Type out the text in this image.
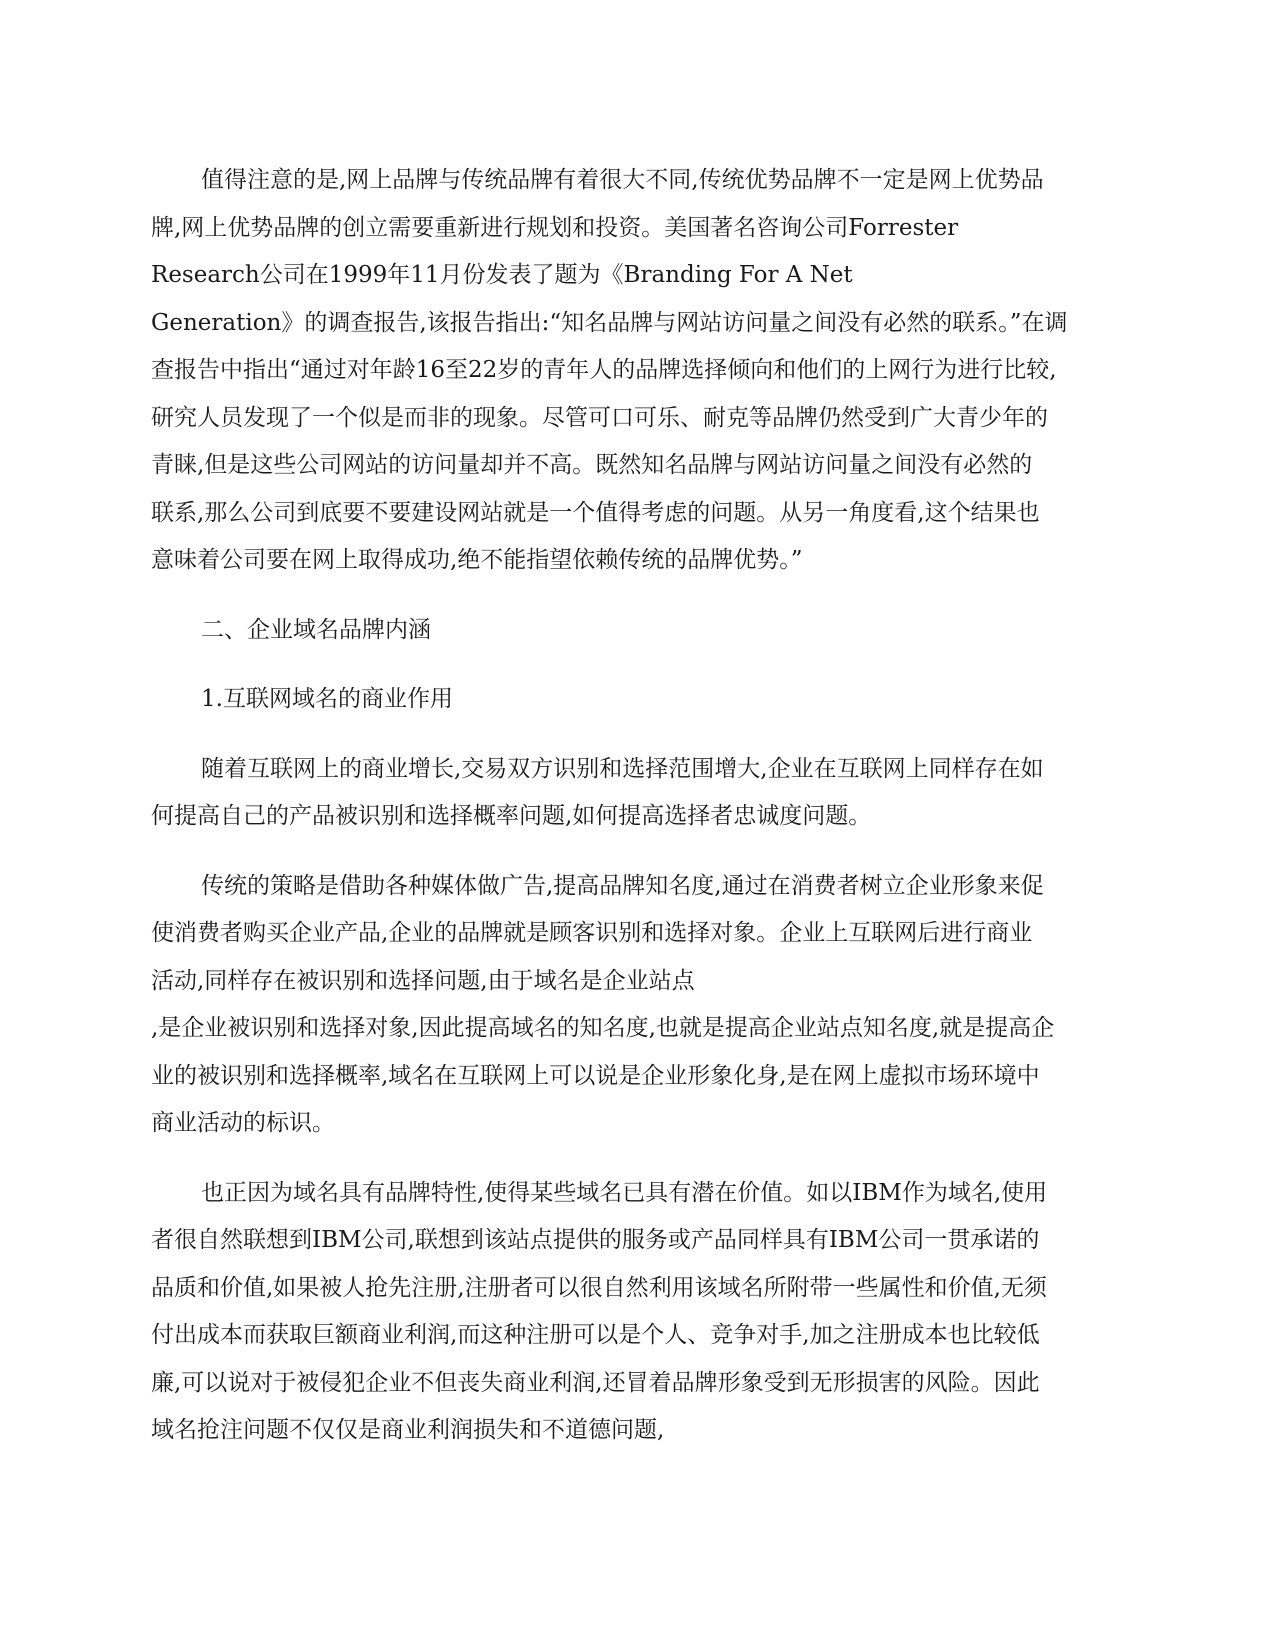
值得注意的是,网上品牌与传统品牌有着很大不同,传统优势品牌不一定是网上优势品
牌,网上优势品牌的创立需要重新进行规划和投资。美国著名咨询公司Forrester
Research公司在1999年11月份发表了题为《Branding For A Net
Generation》的调查报告,该报告指出:“知名品牌与网站访问量之间没有必然的联系。”在调
查报告中指出“通过对年龄16至22岁的青年人的品牌选择倾向和他们的上网行为进行比较,
研究人员发现了一个似是而非的现象。尽管可口可乐、耐克等品牌仍然受到广大青少年的
青睐,但是这些公司网站的访问量却并不高。既然知名品牌与网站访问量之间没有必然的
联系,那么公司到底要不要建设网站就是一个值得考虑的问题。从另一角度看,这个结果也
意味着公司要在网上取得成功,绝不能指望依赖传统的品牌优势。”
二、企业域名品牌内涵
1.互联网域名的商业作用
随着互联网上的商业增长,交易双方识别和选择范围增大,企业在互联网上同样存在如
何提高自己的产品被识别和选择概率问题,如何提高选择者忠诚度问题。
传统的策略是借助各种媒体做广告,提高品牌知名度,通过在消费者树立企业形象来促
使消费者购买企业产品,企业的品牌就是顾客识别和选择对象。企业上互联网后进行商业
活动,同样存在被识别和选择问题,由于域名是企业站点
,是企业被识别和选择对象,因此提高域名的知名度,也就是提高企业站点知名度,就是提高企
业的被识别和选择概率,域名在互联网上可以说是企业形象化身,是在网上虚拟市场环境中
商业活动的标识。
也正因为域名具有品牌特性,使得某些域名已具有潜在价值。如以IBM作为域名,使用
者很自然联想到IBM公司,联想到该站点提供的服务或产品同样具有IBM公司一贯承诺的
品质和价值,如果被人抢先注册,注册者可以很自然利用该域名所附带一些属性和价值,无须
付出成本而获取巨额商业利润,而这种注册可以是个人、竞争对手,加之注册成本也比较低
廉,可以说对于被侵犯企业不但丧失商业利润,还冒着品牌形象受到无形损害的风险。因此
域名抢注问题不仅仅是商业利润损失和不道德问题,
